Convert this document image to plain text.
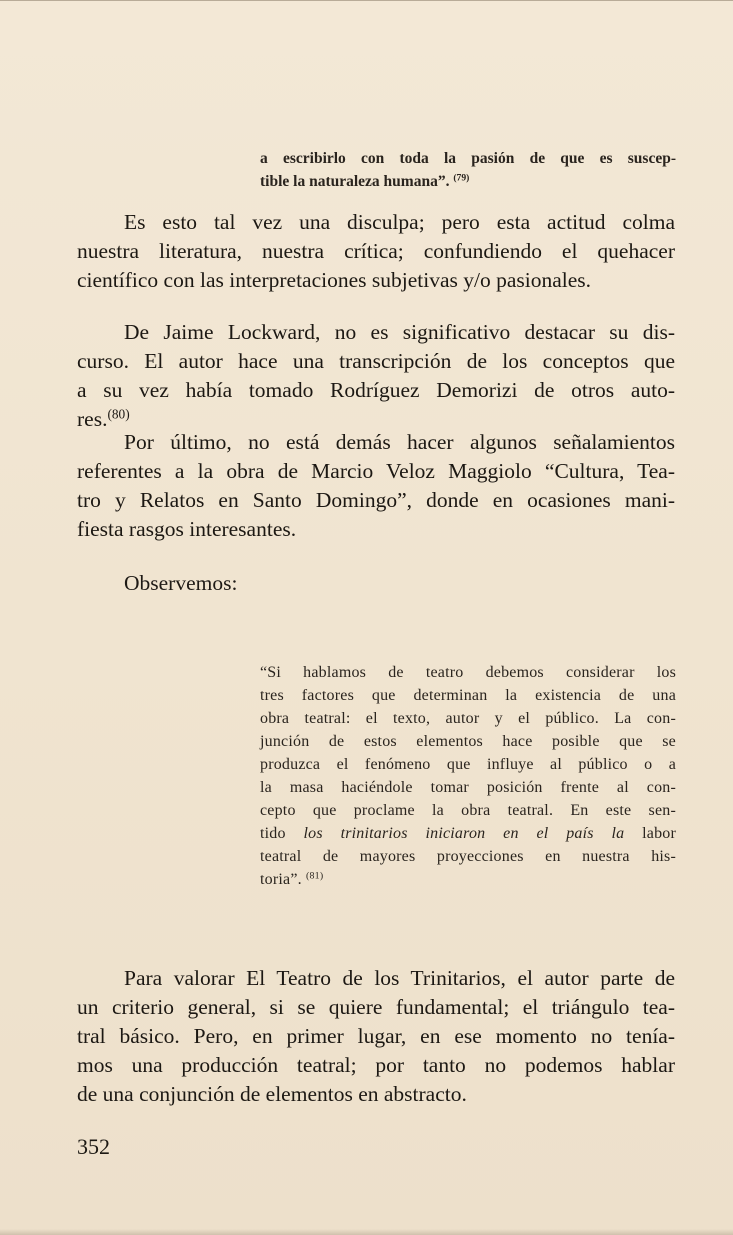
a escribirlo con toda la pasión de que es suscep-
tible la naturaleza humana”. $^{(79)}$
Es esto tal vez una disculpa; pero esta actitud colma
nuestra literatura, nuestra crítica; confundiendo el quehacer
científico con las interpretaciones subjetivas y/o pasionales.
De Jaime Lockward, no es significativo destacar su dis-
curso. El autor hace una transcripción de los conceptos que
a su vez había tomado Rodríguez Demorizi de otros auto-
res.$^{(80)}$
Por último, no está demás hacer algunos señalamientos
referentes a la obra de Marcio Veloz Maggiolo “Cultura, Tea-
tro y Relatos en Santo Domingo”, donde en ocasiones mani-
fiesta rasgos interesantes.
Observemos:
“Si hablamos de teatro debemos considerar los
tres factores que determinan la existencia de una
obra teatral: el texto, autor y el público. La con-
junción de estos elementos hace posible que se
produzca el fenómeno que influye al público o a
la masa haciéndole tomar posición frente al con-
cepto que proclame la obra teatral. En este sen-
tido los trinitarios iniciaron en el país la labor
teatral de mayores proyecciones en nuestra his-
toria”. $^{(81)}$
Para valorar El Teatro de los Trinitarios, el autor parte de
un criterio general, si se quiere fundamental; el triángulo tea-
tral básico. Pero, en primer lugar, en ese momento no tenía-
mos una producción teatral; por tanto no podemos hablar
de una conjunción de elementos en abstracto.
352
